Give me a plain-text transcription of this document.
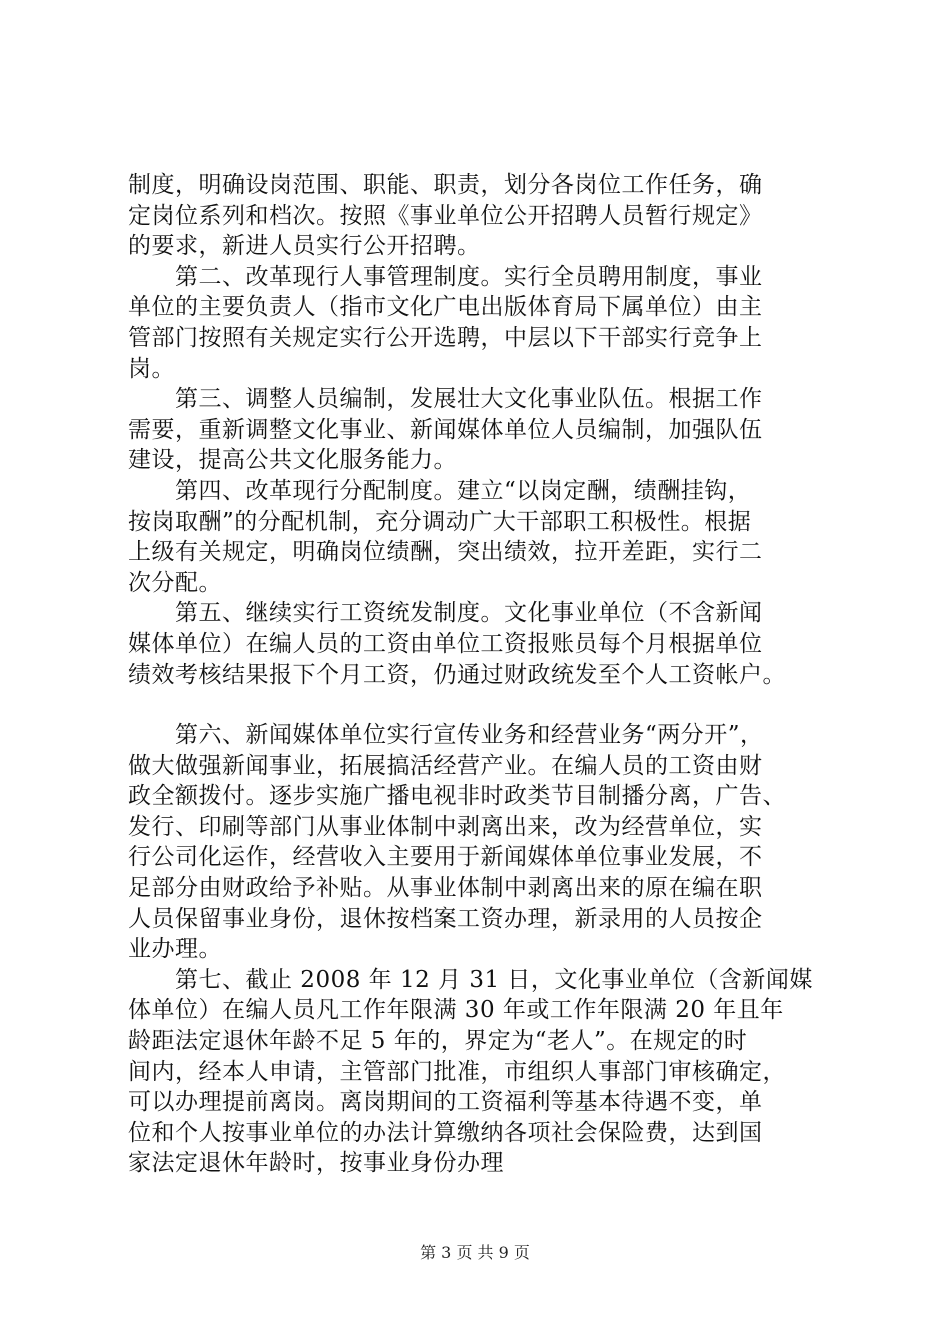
制度，明确设岗范围、职能、职责，划分各岗位工作任务，确
定岗位系列和档次。按照《事业单位公开招聘人员暂行规定》
的要求，新进人员实行公开招聘。
　　第二、改革现行人事管理制度。实行全员聘用制度，事业
单位的主要负责人（指市文化广电出版体育局下属单位）由主
管部门按照有关规定实行公开选聘，中层以下干部实行竞争上
岗。
　　第三、调整人员编制，发展壮大文化事业队伍。根据工作
需要，重新调整文化事业、新闻媒体单位人员编制，加强队伍
建设，提高公共文化服务能力。
　　第四、改革现行分配制度。建立“以岗定酬，绩酬挂钩，
按岗取酬”的分配机制，充分调动广大干部职工积极性。根据
上级有关规定，明确岗位绩酬，突出绩效，拉开差距，实行二
次分配。
　　第五、继续实行工资统发制度。文化事业单位（不含新闻
媒体单位）在编人员的工资由单位工资报账员每个月根据单位
绩效考核结果报下个月工资，仍通过财政统发至个人工资帐户。
　　第六、新闻媒体单位实行宣传业务和经营业务“两分开”，
做大做强新闻事业，拓展搞活经营产业。在编人员的工资由财
政全额拨付。逐步实施广播电视非时政类节目制播分离，广告、
发行、印刷等部门从事业体制中剥离出来，改为经营单位，实
行公司化运作，经营收入主要用于新闻媒体单位事业发展，不
足部分由财政给予补贴。从事业体制中剥离出来的原在编在职
人员保留事业身份，退休按档案工资办理，新录用的人员按企
业办理。
　　第七、截止 2008 年 12 月 31 日，文化事业单位（含新闻媒
体单位）在编人员凡工作年限满 30 年或工作年限满 20 年且年
龄距法定退休年龄不足 5 年的，界定为“老人”。在规定的时
间内，经本人申请，主管部门批准，市组织人事部门审核确定，
可以办理提前离岗。离岗期间的工资福利等基本待遇不变，单
位和个人按事业单位的办法计算缴纳各项社会保险费，达到国
家法定退休年龄时，按事业身份办理
第 3 页 共 9 页
